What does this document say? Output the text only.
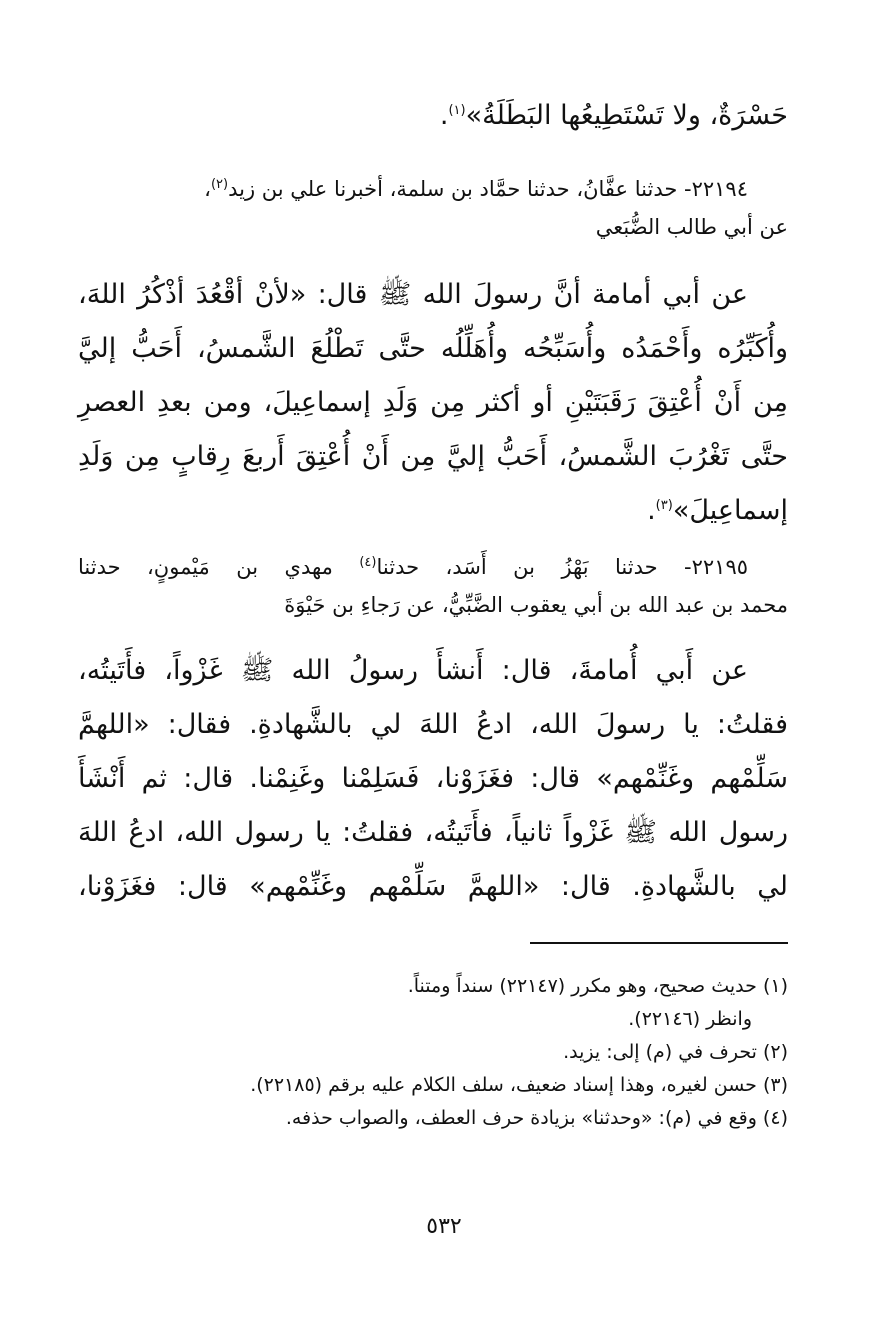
حَسْرَةٌ، ولا تَسْتَطِيعُها البَطَلَةُ»$^{(١)}$.
٢٢١٩٤- حدثنا عفَّانُ، حدثنا حمَّاد بن سلمة، أخبرنا علي بن زيد$^{(٢)}$،
عن أبي طالب الضُّبَعي
عن أبي أمامة أنَّ رسولَ الله ﷺ قال: «لأنْ أقْعُدَ أذْكُرُ اللهَ،
وأُكَبِّرُه وأَحْمَدُه وأُسَبِّحُه وأُهَلِّلُه حتَّى تَطْلُعَ الشَّمسُ، أَحَبُّ إليَّ
مِن أَنْ أُعْتِقَ رَقَبَتَيْنِ أو أكثر مِن وَلَدِ إسماعِيلَ، ومن بعدِ العصرِ
حتَّى تَغْرُبَ الشَّمسُ، أَحَبُّ إليَّ مِن أَنْ أُعْتِقَ أَربعَ رِقابٍ مِن وَلَدِ
إسماعِيلَ»$^{(٣)}$.
٢٢١٩٥- حدثنا بَهْزُ بن أَسَد، حدثنا$^{(٤)}$ مهدي بن مَيْمونٍ، حدثنا
محمد بن عبد الله بن أبي يعقوب الضَّبِّيُّ، عن رَجاءِ بن حَيْوَةَ
عن أَبي أُمامةَ، قال: أَنشأَ رسولُ الله ﷺ غَزْواً، فأَتَيتُه،
فقلتُ: يا رسولَ الله، ادعُ اللهَ لي بالشَّهادةِ. فقال: «اللهمَّ
سَلِّمْهم وغَنِّمْهم» قال: فغَزَوْنا، فَسَلِمْنا وغَنِمْنا. قال: ثم أَنْشَأَ
رسول الله ﷺ غَزْواً ثانياً، فأَتَيتُه، فقلتُ: يا رسول الله، ادعُ اللهَ
لي بالشَّهادةِ. قال: «اللهمَّ سَلِّمْهم وغَنِّمْهم» قال: فغَزَوْنا،
(١) حديث صحيح، وهو مكرر (٢٢١٤٧) سنداً ومتناً.
وانظر (٢٢١٤٦).
(٢) تحرف في (م) إلى: يزيد.
(٣) حسن لغيره، وهذا إسناد ضعيف، سلف الكلام عليه برقم (٢٢١٨٥).
(٤) وقع في (م): «وحدثنا» بزيادة حرف العطف، والصواب حذفه.
٥٣٢
